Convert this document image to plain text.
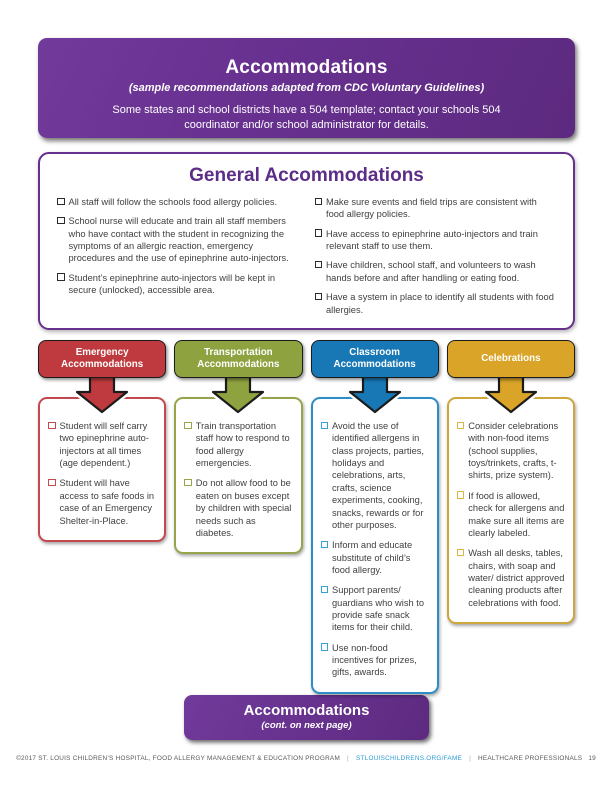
Accommodations
(sample recommendations adapted from CDC Voluntary Guidelines)
Some states and school districts have a 504 template; contact your schools 504 coordinator and/or school administrator for details.
General Accommodations
All staff will follow the schools food allergy policies.
School nurse will educate and train all staff members who have contact with the student in recognizing the symptoms of an allergic reaction, emergency procedures and the use of epinephrine auto-injectors.
Student’s epinephrine auto-injectors will be kept in secure (unlocked), accessible area.
Make sure events and field trips are consistent with food allergy policies.
Have access to epinephrine auto-injectors and train relevant staff to use them.
Have children, school staff, and volunteers to wash hands before and after handling or eating food.
Have a system in place to identify all students with food allergies.
Emergency Accommodations
Student will self carry two epinephrine auto-injectors at all times (age dependent.)
Student will have access to safe foods in case of an Emergency Shelter-in-Place.
Transportation Accommodations
Train transportation staff how to respond to food allergy emergencies.
Do not allow food to be eaten on buses except by children with special needs such as diabetes.
Classroom Accommodations
Avoid the use of identified allergens in class projects, parties, holidays and celebrations, arts, crafts, science experiments, cooking, snacks, rewards or for other purposes.
Inform and educate substitute of child’s food allergy.
Support parents/ guardians who wish to provide safe snack items for their child.
Use non-food incentives for prizes, gifts, awards.
Celebrations
Consider celebrations with non-food items (school supplies, toys/trinkets, crafts, t-shirts, prize system).
If food is allowed, check for allergens and make sure all items are clearly labeled.
Wash all desks, tables, chairs, with soap and water/ district approved cleaning products after celebrations with food.
Accommodations
(cont. on next page)
©2017 ST. LOUIS CHILDREN’S HOSPITAL, FOOD ALLERGY MANAGEMENT & EDUCATION PROGRAM | STLOUISCHILDRENS.ORG/FAME | HEALTHCARE PROFESSIONALS 19
